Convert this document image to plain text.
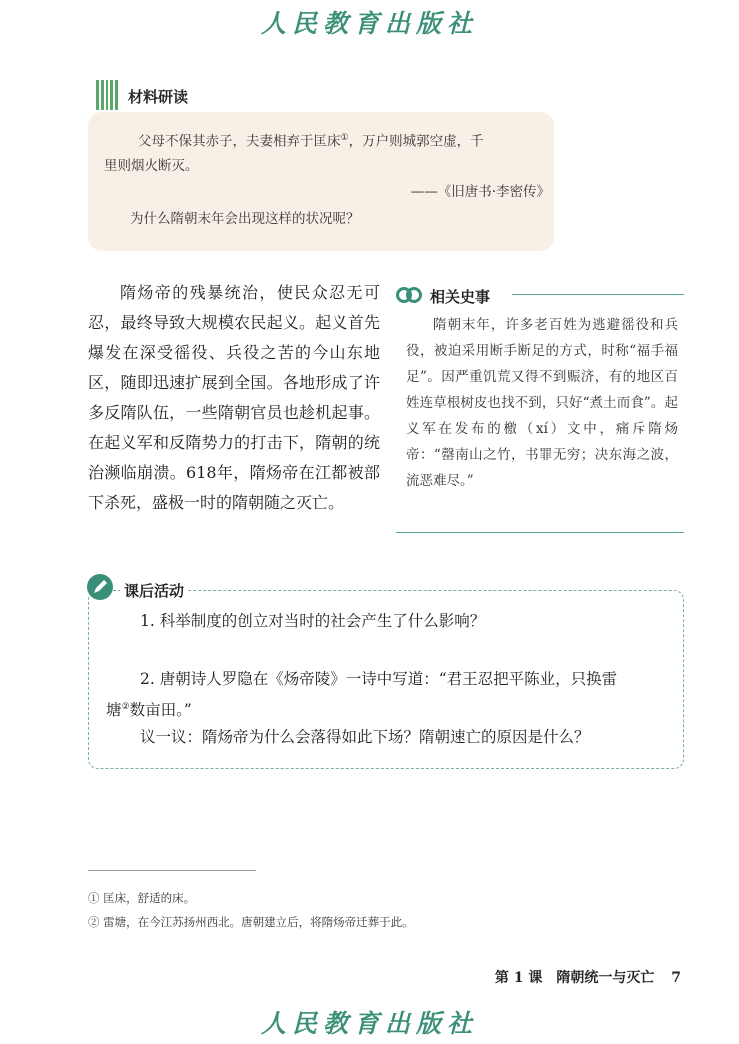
人民教育出版社
材料研读
父母不保其赤子，夫妻相弃于匡床①，万户则城郭空虚，千
里则烟火断灭。
——《旧唐书·李密传》
为什么隋朝末年会出现这样的状况呢？

隋炀帝的残暴统治，使民众忍无可忍，最终导致大规模农民起义。起义首先爆发在深受徭役、兵役之苦的今山东地区，随即迅速扩展到全国。各地形成了许多反隋队伍，一些隋朝官员也趁机起事。在起义军和反隋势力的打击下，隋朝的统治濒临崩溃。618年，隋炀帝在江都被部下杀死，盛极一时的隋朝随之灭亡。

相关史事

隋朝末年，许多老百姓为逃避徭役和兵役，被迫采用断手断足的方式，时称“福手福足”。因严重饥荒又得不到赈济，有的地区百姓连草根树皮也找不到，只好“煮土而食”。起义军在发布的檄（xí）文中，痛斥隋炀帝：“罄南山之竹，书罪无穷；决东海之波，流恶难尽。”

课后活动
1. 科举制度的创立对当时的社会产生了什么影响？
2. 唐朝诗人罗隐在《炀帝陵》一诗中写道：“君王忍把平陈业，只换雷
塘②数亩田。”
议一议：隋炀帝为什么会落得如此下场？隋朝速亡的原因是什么？
① 匡床，舒适的床。
② 雷塘，在今江苏扬州西北。唐朝建立后，将隋炀帝迁葬于此。
第 1 课　隋朝统一与灭亡 7
人民教育出版社
